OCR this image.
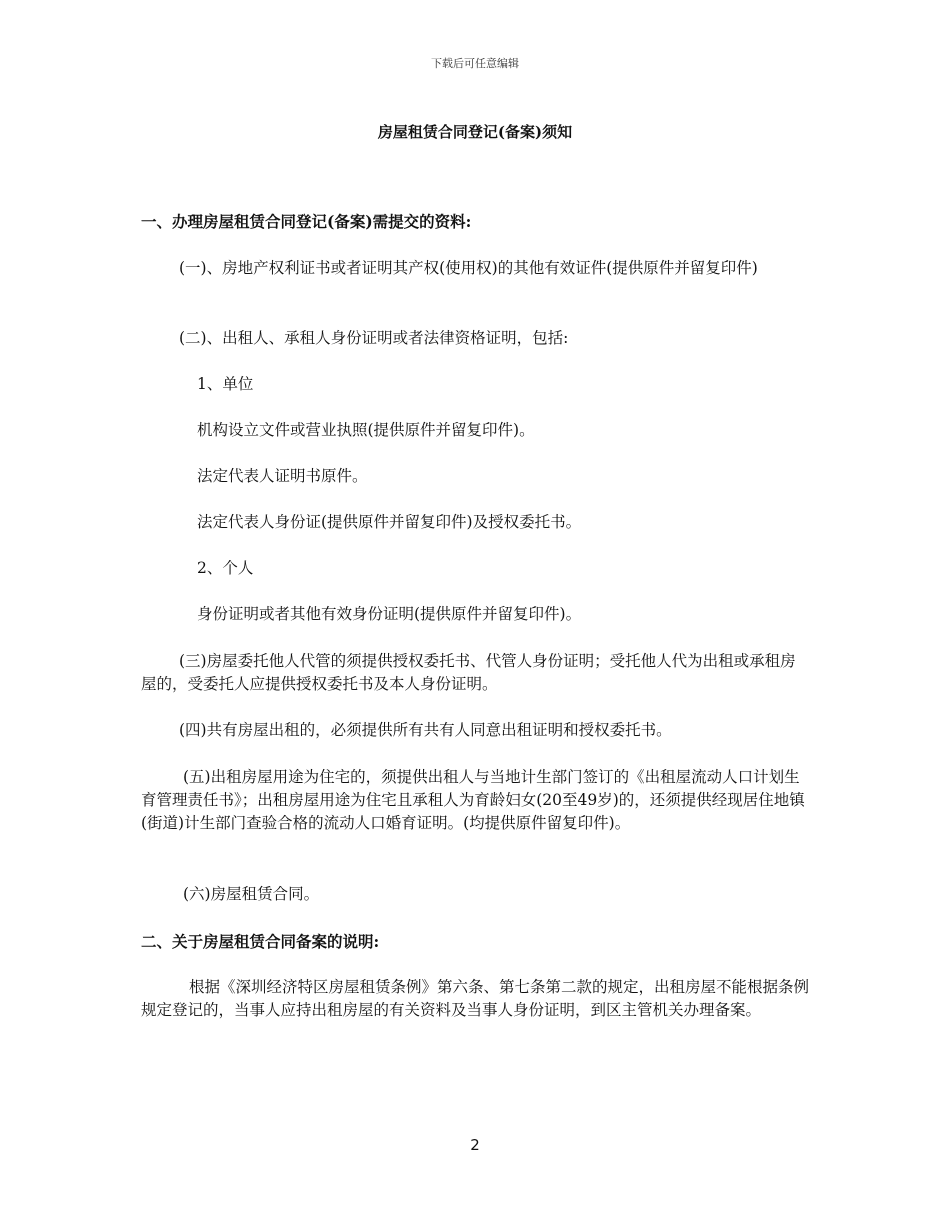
下载后可任意编辑
房屋租赁合同登记(备案)须知

一、办理房屋租赁合同登记(备案)需提交的资料:

(一)、房地产权利证书或者证明其产权(使用权)的其他有效证件(提供原件并留复印件)

(二)、出租人、承租人身份证明或者法律资格证明，包括:

1、单位

机构设立文件或营业执照(提供原件并留复印件)。

法定代表人证明书原件。

法定代表人身份证(提供原件并留复印件)及授权委托书。

2、个人

身份证明或者其他有效身份证明(提供原件并留复印件)。

(三)房屋委托他人代管的须提供授权委托书、代管人身份证明；受托他人代为出租或承租房屋的，受委托人应提供授权委托书及本人身份证明。

(四)共有房屋出租的，必须提供所有共有人同意出租证明和授权委托书。

(五)出租房屋用途为住宅的，须提供出租人与当地计生部门签订的《出租屋流动人口计划生育管理责任书》；出租房屋用途为住宅且承租人为育龄妇女(20至49岁)的，还须提供经现居住地镇(街道)计生部门查验合格的流动人口婚育证明。(均提供原件留复印件)。

(六)房屋租赁合同。

二、关于房屋租赁合同备案的说明:

根据《深圳经济特区房屋租赁条例》第六条、第七条第二款的规定，出租房屋不能根据条例规定登记的，当事人应持出租房屋的有关资料及当事人身份证明，到区主管机关办理备案。

2
